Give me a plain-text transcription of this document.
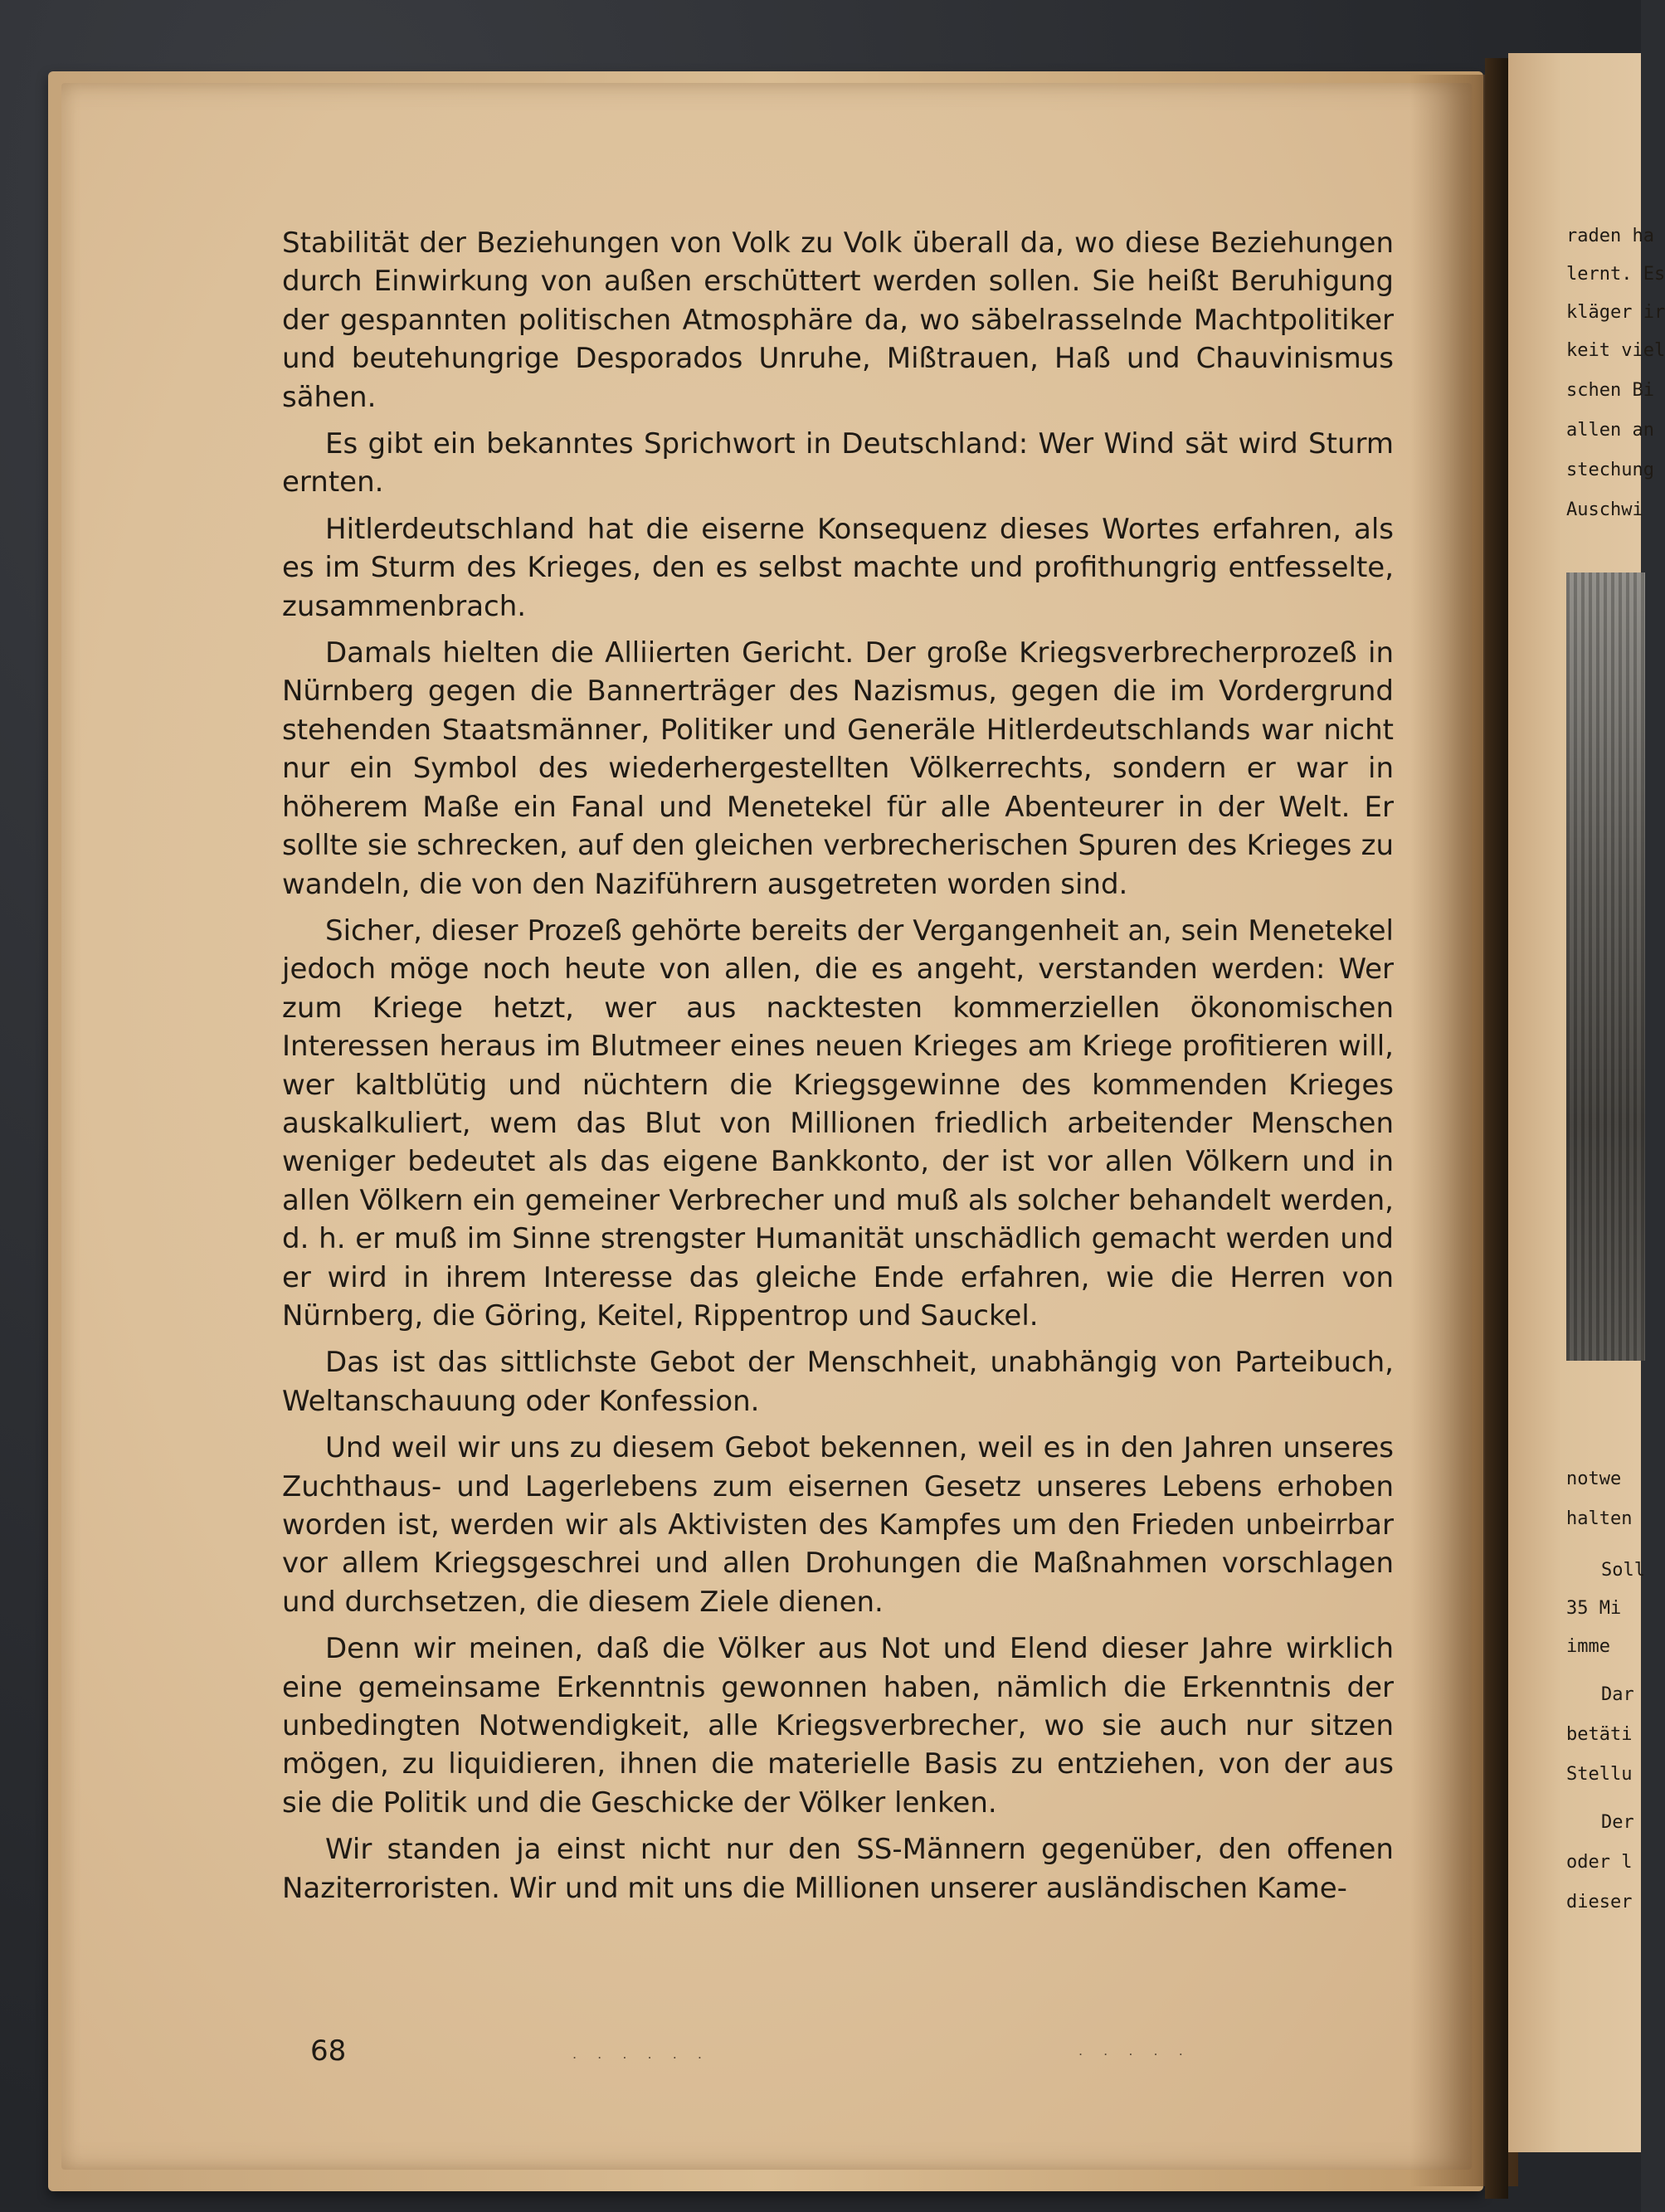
Stabilität der Beziehungen von Volk zu Volk überall da, wo diese Beziehungen durch Einwirkung von außen erschüttert werden sollen. Sie heißt Beruhigung der gespannten politischen Atmosphäre da, wo säbelrasselnde Machtpolitiker und beutehungrige Desporados Unruhe, Mißtrauen, Haß und Chauvinismus sähen.

Es gibt ein bekanntes Sprichwort in Deutschland: Wer Wind sät wird Sturm ernten.

Hitlerdeutschland hat die eiserne Konsequenz dieses Wortes erfahren, als es im Sturm des Krieges, den es selbst machte und profithungrig entfesselte, zusammenbrach.

Damals hielten die Alliierten Gericht. Der große Kriegsverbrecherprozeß in Nürnberg gegen die Bannerträger des Nazismus, gegen die im Vordergrund stehenden Staatsmänner, Politiker und Generäle Hitlerdeutschlands war nicht nur ein Symbol des wiederhergestellten Völkerrechts, sondern er war in höherem Maße ein Fanal und Menetekel für alle Abenteurer in der Welt. Er sollte sie schrecken, auf den gleichen verbrecherischen Spuren des Krieges zu wandeln, die von den Naziführern ausgetreten worden sind.

Sicher, dieser Prozeß gehörte bereits der Vergangenheit an, sein Menetekel jedoch möge noch heute von allen, die es angeht, verstanden werden: Wer zum Kriege hetzt, wer aus nacktesten kommerziellen ökonomischen Interessen heraus im Blutmeer eines neuen Krieges am Kriege profitieren will, wer kaltblütig und nüchtern die Kriegsgewinne des kommenden Krieges auskalkuliert, wem das Blut von Millionen friedlich arbeitender Menschen weniger bedeutet als das eigene Bankkonto, der ist vor allen Völkern und in allen Völkern ein gemeiner Verbrecher und muß als solcher behandelt werden, d. h. er muß im Sinne strengster Humanität unschädlich gemacht werden und er wird in ihrem Interesse das gleiche Ende erfahren, wie die Herren von Nürnberg, die Göring, Keitel, Rippentrop und Sauckel.

Das ist das sittlichste Gebot der Menschheit, unabhängig von Parteibuch, Weltanschauung oder Konfession.

Und weil wir uns zu diesem Gebot bekennen, weil es in den Jahren unseres Zuchthaus- und Lagerlebens zum eisernen Gesetz unseres Lebens erhoben worden ist, werden wir als Aktivisten des Kampfes um den Frieden unbeirrbar vor allem Kriegsgeschrei und allen Drohungen die Maßnahmen vorschlagen und durchsetzen, die diesem Ziele dienen.

Denn wir meinen, daß die Völker aus Not und Elend dieser Jahre wirklich eine gemeinsame Erkenntnis gewonnen haben, nämlich die Erkenntnis der unbedingten Notwendigkeit, alle Kriegsverbrecher, wo sie auch nur sitzen mögen, zu liquidieren, ihnen die materielle Basis zu entziehen, von der aus sie die Politik und die Geschicke der Völker lenken.

Wir standen ja einst nicht nur den SS-Männern gegenüber, den offenen Naziterroristen. Wir und mit uns die Millionen unserer ausländischen Kame-

68	. . . . . .	. . . . .
raden ha
lernt. Es
kläger ir
keit viel
schen Bi
allen an
stechung
Auschwi
notwe
halten
Soll
35 Mi
imme
Dar
betäti
Stellu
Der
oder l
dieser
